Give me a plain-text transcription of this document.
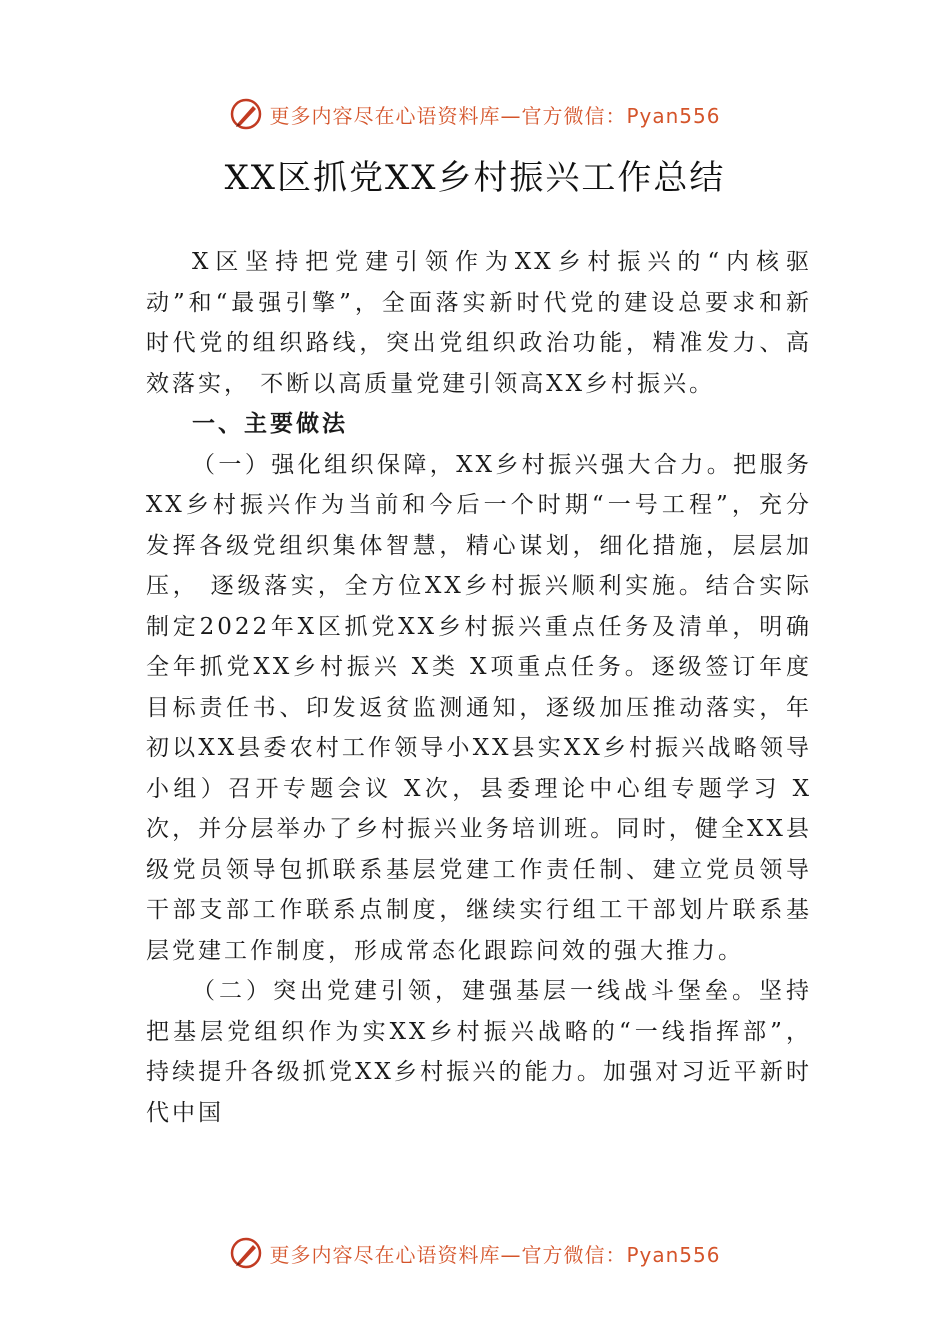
更多内容尽在心语资料库—官方微信：Pyan556
XX区抓党XX乡村振兴工作总结

X区坚持把党建引领作为XX乡村振兴的“内核驱动”和“最强引擎”，全面落实新时代党的建设总要求和新时代党的组织路线，突出党组织政治功能，精准发力、高效落实， 不断以高质量党建引领高XX乡村振兴。

一、主要做法

（一）强化组织保障，XX乡村振兴强大合力。把服务XX乡村振兴作为当前和今后一个时期“一号工程”，充分发挥各级党组织集体智慧，精心谋划，细化措施，层层加压， 逐级落实，全方位XX乡村振兴顺利实施。结合实际制定2022年X区抓党XX乡村振兴重点任务及清单，明确全年抓党XX乡村振兴 X类 X项重点任务。逐级签订年度目标责任书、印发返贫监测通知，逐级加压推动落实，年初以XX县委农村工作领导小XX县实XX乡村振兴战略领导小组）召开专题会议 X次，县委理论中心组专题学习 X次，并分层举办了乡村振兴业务培训班。同时，健全XX县级党员领导包抓联系基层党建工作责任制、建立党员领导干部支部工作联系点制度，继续实行组工干部划片联系基层党建工作制度，形成常态化跟踪问效的强大推力。

（二）突出党建引领，建强基层一线战斗堡垒。坚持把基层党组织作为实XX乡村振兴战略的“一线指挥部”，持续提升各级抓党XX乡村振兴的能力。加强对习近平新时代中国

更多内容尽在心语资料库—官方微信：Pyan556
